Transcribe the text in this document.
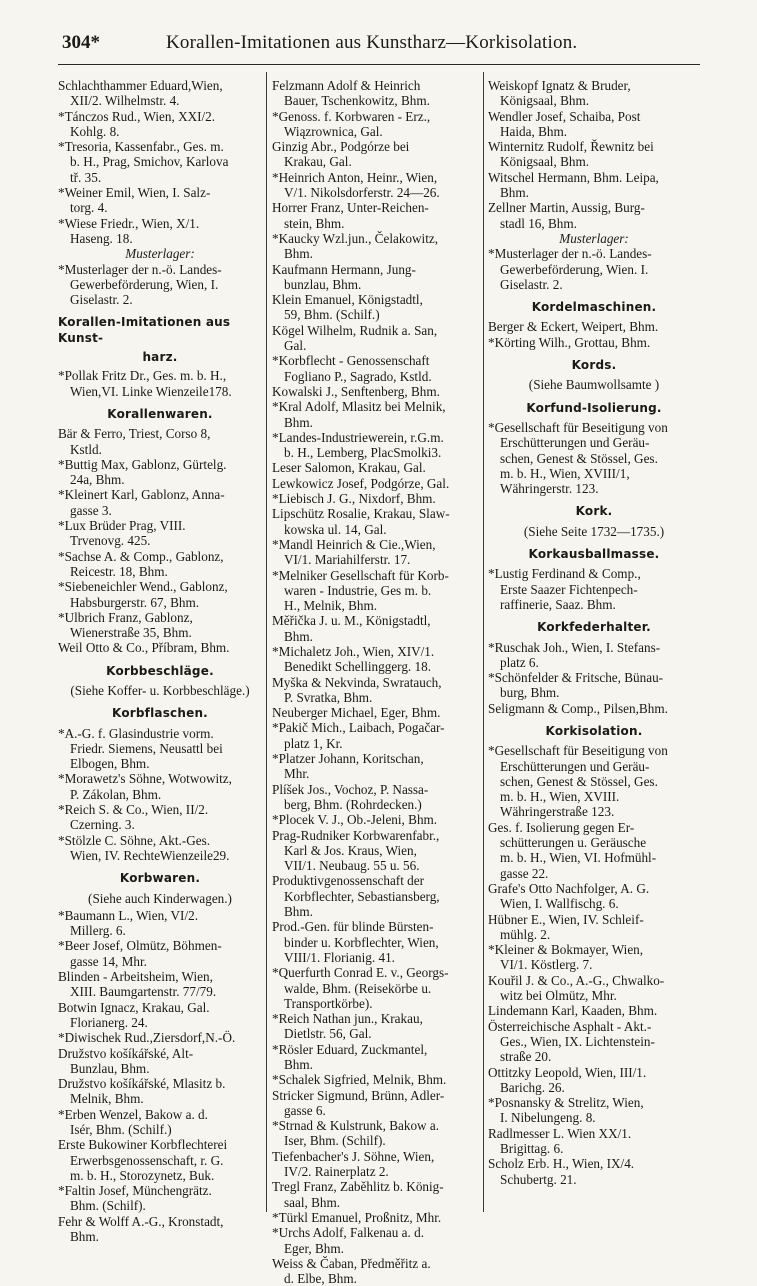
304*	Korallen-Imitationen aus Kunstharz—Korkisolation.
Schlachthammer Eduard,Wien,
XII/2. Wilhelmstr. 4.
*Tánczos Rud., Wien, XXI/2.
Kohlg. 8.
*Tresoria, Kassenfabr., Ges. m.
b. H., Prag, Smichov, Karlova
tř. 35.
*Weiner Emil, Wien, I. Salz-
torg. 4.
*Wiese Friedr., Wien, X/1.
Haseng. 18.
Musterlager:
*Musterlager der n.-ö. Landes-
Gewerbeförderung, Wien, I.
Giselastr. 2.
Korallen-Imitationen aus Kunst-
harz.
*Pollak Fritz Dr., Ges. m. b. H.,
Wien,VI. Linke Wienzeile178.
Korallenwaren.
Bär & Ferro, Triest, Corso 8,
Kstld.
*Buttig Max, Gablonz, Gürtelg.
24a, Bhm.
*Kleinert Karl, Gablonz, Anna-
gasse 3.
*Lux Brüder Prag, VIII.
Trvenovg. 425.
*Sachse A. & Comp., Gablonz,
Reicestr. 18, Bhm.
*Siebeneichler Wend., Gablonz,
Habsburgerstr. 67, Bhm.
*Ulbrich Franz, Gablonz,
Wienerstraße 35, Bhm.
Weil Otto & Co., Příbram, Bhm.
Korbbeschläge.
(Siehe Koffer- u. Korbbeschläge.)
Korbflaschen.
*A.-G. f. Glasindustrie vorm.
Friedr. Siemens, Neusattl bei
Elbogen, Bhm.
*Morawetz's Söhne, Wotwowitz,
P. Zákolan, Bhm.
*Reich S. & Co., Wien, II/2.
Czerning. 3.
*Stölzle C. Söhne, Akt.-Ges.
Wien, IV. RechteWienzeile29.
Korbwaren.
(Siehe auch Kinderwagen.)
*Baumann L., Wien, VI/2.
Millerg. 6.
*Beer Josef, Olmütz, Böhmen-
gasse 14, Mhr.
Blinden - Arbeitsheim, Wien,
XIII. Baumgartenstr. 77/79.
Botwin Ignacz, Krakau, Gal.
Florianerg. 24.
*Diwischek Rud.,Ziersdorf,N.-Ö.
Družstvo košíkářské, Alt-
Bunzlau, Bhm.
Družstvo košíkářské, Mlasitz b.
Melnik, Bhm.
*Erben Wenzel, Bakow a. d.
Isér, Bhm. (Schilf.)
Erste Bukowiner Korbflechterei
Erwerbsgenossenschaft, r. G.
m. b. H., Storozynetz, Buk.
*Faltin Josef, Münchengrätz.
Bhm. (Schilf).
Fehr & Wolff A.-G., Kronstadt,
Bhm.
Felzmann Adolf & Heinrich
Bauer, Tschenkowitz, Bhm.
*Genoss. f. Korbwaren - Erz.,
Wiązrownica, Gal.
Ginzig Abr., Podgórze bei
Krakau, Gal.
*Heinrich Anton, Heinr., Wien,
V/1. Nikolsdorferstr. 24—26.
Horrer Franz, Unter-Reichen-
stein, Bhm.
*Kaucky Wzl.jun., Čelakowitz,
Bhm.
Kaufmann Hermann, Jung-
bunzlau, Bhm.
Klein Emanuel, Königstadtl,
59, Bhm. (Schilf.)
Kögel Wilhelm, Rudnik a. San,
Gal.
*Korbflecht - Genossenschaft
Fogliano P., Sagrado, Kstld.
Kowalski J., Senftenberg, Bhm.
*Kral Adolf, Mlasitz bei Melnik,
Bhm.
*Landes-Industriewerein, r.G.m.
b. H., Lemberg, PlacSmolki3.
Leser Salomon, Krakau, Gal.
Lewkowicz Josef, Podgórze, Gal.
*Liebisch J. G., Nixdorf, Bhm.
Lipschütz Rosalie, Krakau, Slaw-
kowska ul. 14, Gal.
*Mandl Heinrich & Cie.,Wien,
VI/1. Mariahilferstr. 17.
*Melniker Gesellschaft für Korb-
waren - Industrie, Ges m. b.
H., Melnik, Bhm.
Měřička J. u. M., Königstadtl,
Bhm.
*Michaletz Joh., Wien, XIV/1.
Benedikt Schellinggerg. 18.
Myška & Nekvinda, Swratauch,
P. Svratka, Bhm.
Neuberger Michael, Eger, Bhm.
*Pakič Mich., Laibach, Pogačar-
platz 1, Kr.
*Platzer Johann, Koritschan,
Mhr.
Plíšek Jos., Vochoz, P. Nassa-
berg, Bhm. (Rohrdecken.)
*Plocek V. J., Ob.-Jeleni, Bhm.
Prag-Rudniker Korbwarenfabr.,
Karl & Jos. Kraus, Wien,
VII/1. Neubaug. 55 u. 56.
Produktivgenossenschaft der
Korbflechter, Sebastiansberg,
Bhm.
Prod.-Gen. für blinde Bürsten-
binder u. Korbflechter, Wien,
VIII/1. Florianig. 41.
*Querfurth Conrad E. v., Georgs-
walde, Bhm. (Reisekörbe u.
Transportkörbe).
*Reich Nathan jun., Krakau,
Dietlstr. 56, Gal.
*Rösler Eduard, Zuckmantel,
Bhm.
*Schalek Sigfried, Melnik, Bhm.
Stricker Sigmund, Brünn, Adler-
gasse 6.
*Strnad & Kulstrunk, Bakow a.
Iser, Bhm. (Schilf).
Tiefenbacher's J. Söhne, Wien,
IV/2. Rainerplatz 2.
Tregl Franz, Zaběhlitz b. König-
saal, Bhm.
*Türkl Emanuel, Proßnitz, Mhr.
*Urchs Adolf, Falkenau a. d.
Eger, Bhm.
Weiss & Čaban, Předměřitz a.
d. Elbe, Bhm.
Weiskopf Ignatz & Bruder,
Königsaal, Bhm.
Wendler Josef, Schaiba, Post
Haida, Bhm.
Winternitz Rudolf, Řewnitz bei
Königsaal, Bhm.
Witschel Hermann, Bhm. Leipa,
Bhm.
Zellner Martin, Aussig, Burg-
stadl 16, Bhm.
Musterlager:
*Musterlager der n.-ö. Landes-
Gewerbeförderung, Wien. I.
Giselastr. 2.
Kordelmaschinen.
Berger & Eckert, Weipert, Bhm.
*Körting Wilh., Grottau, Bhm.
Kords.
(Siehe Baumwollsamte )
Korfund-Isolierung.
*Gesellschaft für Beseitigung von
Erschütterungen und Geräu-
schen, Genest & Stössel, Ges.
m. b. H., Wien, XVIII/1,
Währingerstr. 123.
Kork.
(Siehe Seite 1732—1735.)
Korkausballmasse.
*Lustig Ferdinand & Comp.,
Erste Saazer Fichtenpech-
raffinerie, Saaz. Bhm.
Korkfederhalter.
*Ruschak Joh., Wien, I. Stefans-
platz 6.
*Schönfelder & Fritsche, Bünau-
burg, Bhm.
Seligmann & Comp., Pilsen,Bhm.
Korkisolation.
*Gesellschaft für Beseitigung von
Erschütterungen und Geräu-
schen, Genest & Stössel, Ges.
m. b. H., Wien, XVIII.
Währingerstraße 123.
Ges. f. Isolierung gegen Er-
schütterungen u. Geräusche
m. b. H., Wien, VI. Hofmühl-
gasse 22.
Grafe's Otto Nachfolger, A. G.
Wien, I. Wallfischg. 6.
Hübner E., Wien, IV. Schleif-
mühlg. 2.
*Kleiner & Bokmayer, Wien,
VI/1. Köstlerg. 7.
Kouřil J. & Co., A.-G., Chwalko-
witz bei Olmütz, Mhr.
Lindemann Karl, Kaaden, Bhm.
Österreichische Asphalt - Akt.-
Ges., Wien, IX. Lichtenstein-
straße 20.
Ottitzky Leopold, Wien, III/1.
Barichg. 26.
*Posnansky & Strelitz, Wien,
I. Nibelungeng. 8.
Radlmesser L. Wien XX/1.
Brigittag. 6.
Scholz Erb. H., Wien, IX/4.
Schubertg. 21.
